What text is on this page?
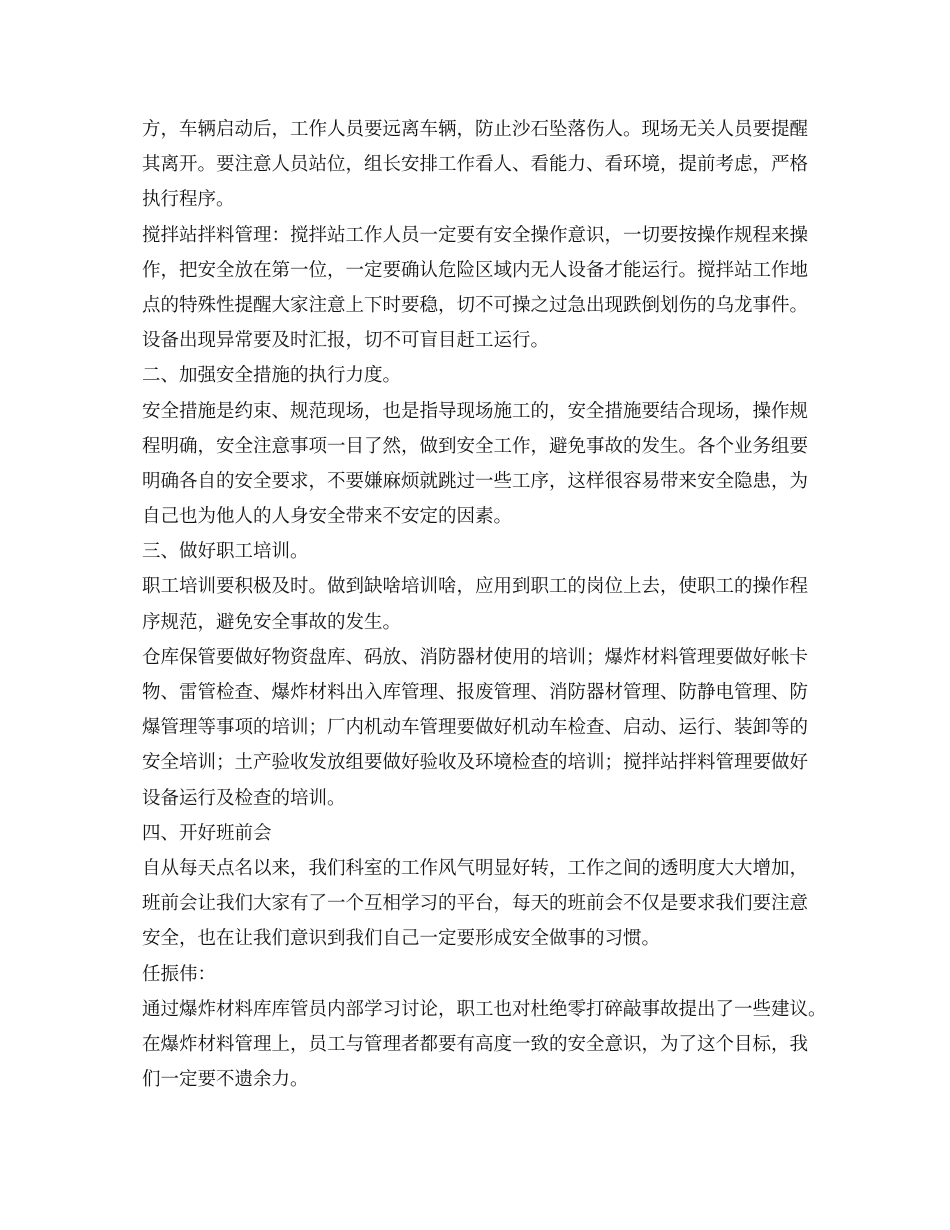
方，车辆启动后，工作人员要远离车辆，防止沙石坠落伤人。现场无关人员要提醒
其离开。要注意人员站位，组长安排工作看人、看能力、看环境，提前考虑，严格
执行程序。
搅拌站拌料管理：搅拌站工作人员一定要有安全操作意识，一切要按操作规程来操
作，把安全放在第一位，一定要确认危险区域内无人设备才能运行。搅拌站工作地
点的特殊性提醒大家注意上下时要稳，切不可操之过急出现跌倒划伤的乌龙事件。
设备出现异常要及时汇报，切不可盲目赶工运行。
二、加强安全措施的执行力度。
安全措施是约束、规范现场，也是指导现场施工的，安全措施要结合现场，操作规
程明确，安全注意事项一目了然，做到安全工作，避免事故的发生。各个业务组要
明确各自的安全要求，不要嫌麻烦就跳过一些工序，这样很容易带来安全隐患，为
自己也为他人的人身安全带来不安定的因素。
三、做好职工培训。
职工培训要积极及时。做到缺啥培训啥，应用到职工的岗位上去，使职工的操作程
序规范，避免安全事故的发生。
仓库保管要做好物资盘库、码放、消防器材使用的培训；爆炸材料管理要做好帐卡
物、雷管检查、爆炸材料出入库管理、报废管理、消防器材管理、防静电管理、防
爆管理等事项的培训；厂内机动车管理要做好机动车检查、启动、运行、装卸等的
安全培训；土产验收发放组要做好验收及环境检查的培训；搅拌站拌料管理要做好
设备运行及检查的培训。
四、开好班前会
自从每天点名以来，我们科室的工作风气明显好转，工作之间的透明度大大增加，
班前会让我们大家有了一个互相学习的平台，每天的班前会不仅是要求我们要注意
安全，也在让我们意识到我们自己一定要形成安全做事的习惯。
任振伟：
通过爆炸材料库库管员内部学习讨论，职工也对杜绝零打碎敲事故提出了一些建议。
在爆炸材料管理上，员工与管理者都要有高度一致的安全意识，为了这个目标，我
们一定要不遗余力。
